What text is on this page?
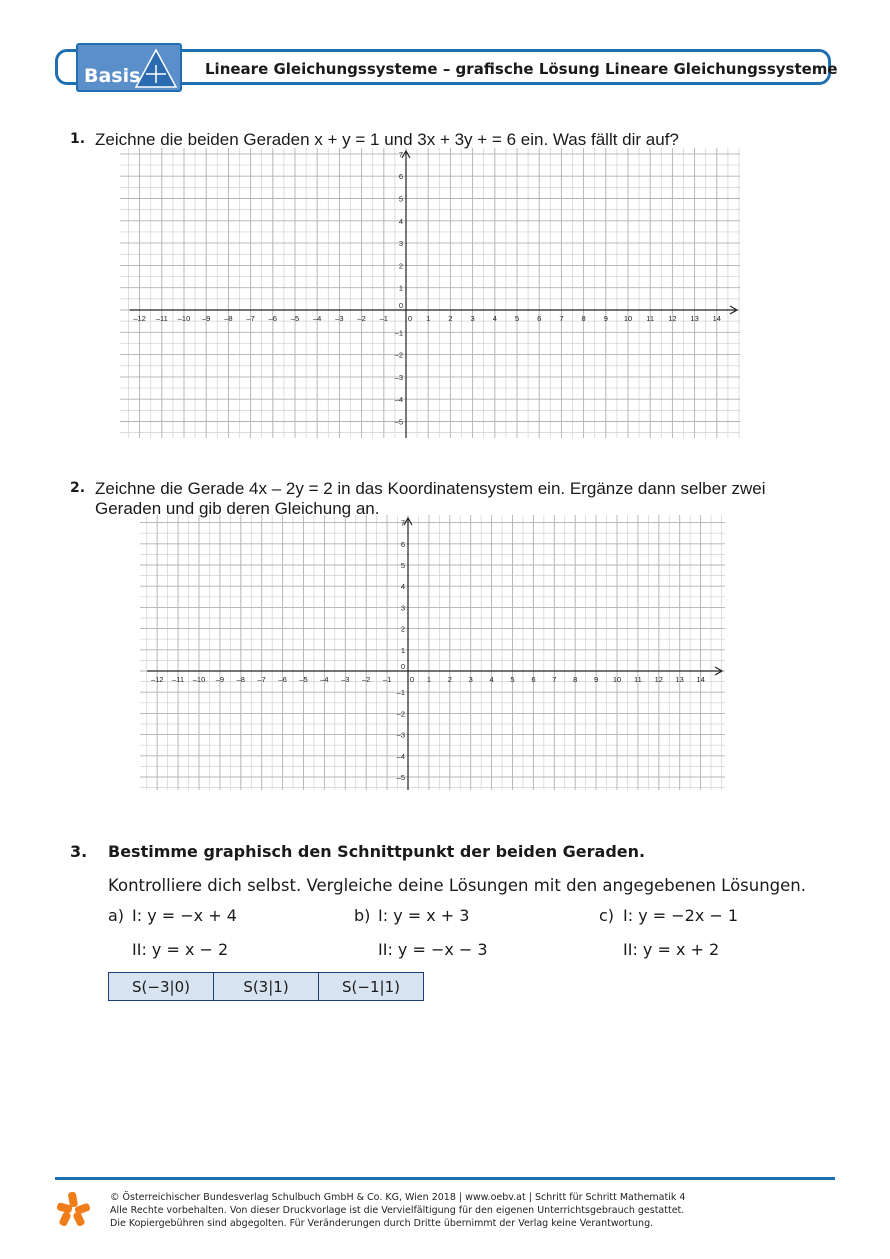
Basis	Lineare Gleichungssysteme – grafische Lösung Lineare Gleichungssysteme
1. Zeichne die beiden Geraden x + y = 1 und 3x + 3y + = 6 ein. Was fällt dir auf?
–12 –11 –10 –9 –8 –7 –6 –5 –4 –3 –2 –1	0 1 2 3 4 5 6 7 8 9 10 11 12 13 14
7
6
5
4
3
2
1
0
–1
–2
–3
–4
–5
2. Zeichne die Gerade 4x – 2y = 2 in das Koordinatensystem ein. Ergänze dann selber zwei
Geraden und gib deren Gleichung an.
–12 –11 –10 –9 –8 –7 –6 –5 –4 –3 –2 –1 0 1 2 3 4 5 6 7 8 9 10 11 12 13 14
7
6
5
4
3
2
1
0
–1
–2
–3
–4
–5
3. Bestimme graphisch den Schnittpunkt der beiden Geraden.
Kontrolliere dich selbst. Vergleiche deine Lösungen mit den angegebenen Lösungen.
a) I: y = −x + 4
II: y = x − 2
b) I: y = x + 3
II: y = −x − 3
c) I: y = −2x − 1
II: y = x + 2
S(−3|0)	S(3|1)	S(−1|1)
© Österreichischer Bundesverlag Schulbuch GmbH & Co. KG, Wien 2018 | www.oebv.at | Schritt für Schritt Mathematik 4
Alle Rechte vorbehalten. Von dieser Druckvorlage ist die Vervielfältigung für den eigenen Unterrichtsgebrauch gestattet.
Die Kopiergebühren sind abgegolten. Für Veränderungen durch Dritte übernimmt der Verlag keine Verantwortung.
